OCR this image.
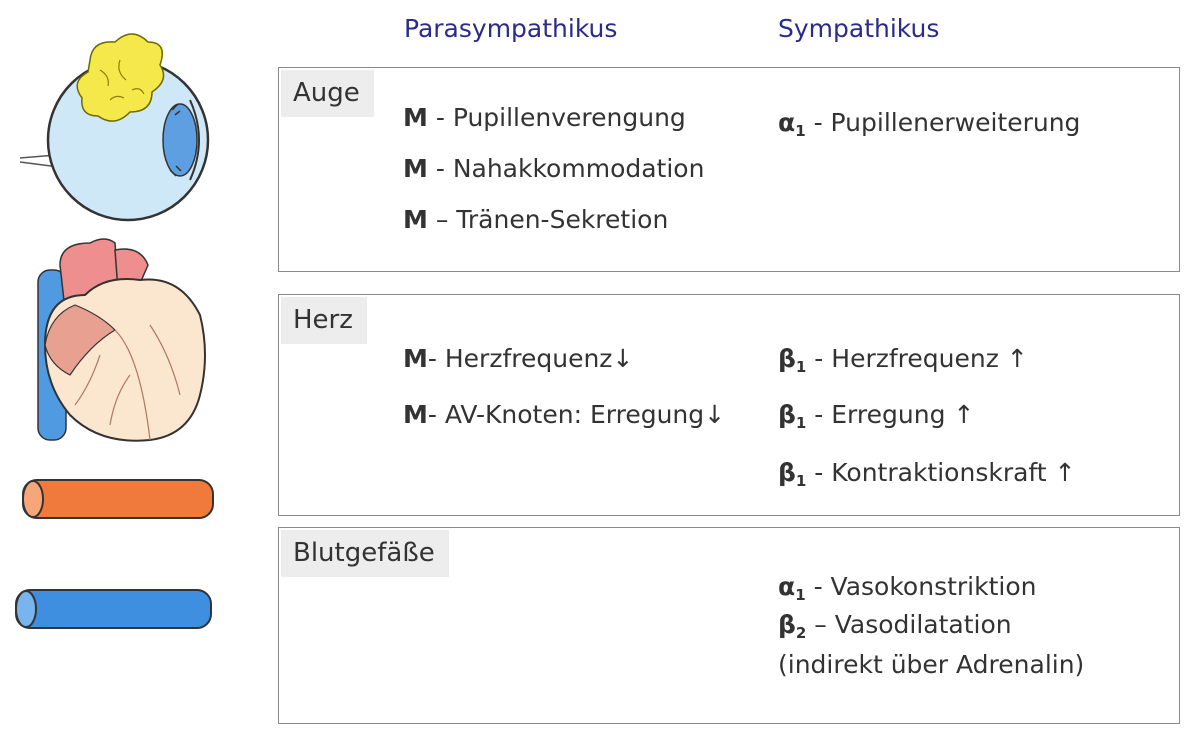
Parasympathikus	Sympathikus
Auge
Herz
Blutgefäße
M - Pupillenverengung
M - Nahakkommodation
M – Tränen-Sekretion
$\alpha_1$ - Pupillenerweiterung
M- Herzfrequenz↓
M- AV-Knoten: Erregung↓
$\beta_1$ - Herzfrequenz ↑
$\beta_1$ - Erregung ↑
$\beta_1$ - Kontraktionskraft ↑
$\alpha_1$ - Vasokonstriktion
$\beta_2$ – Vasodilatation
(indirekt über Adrenalin)
